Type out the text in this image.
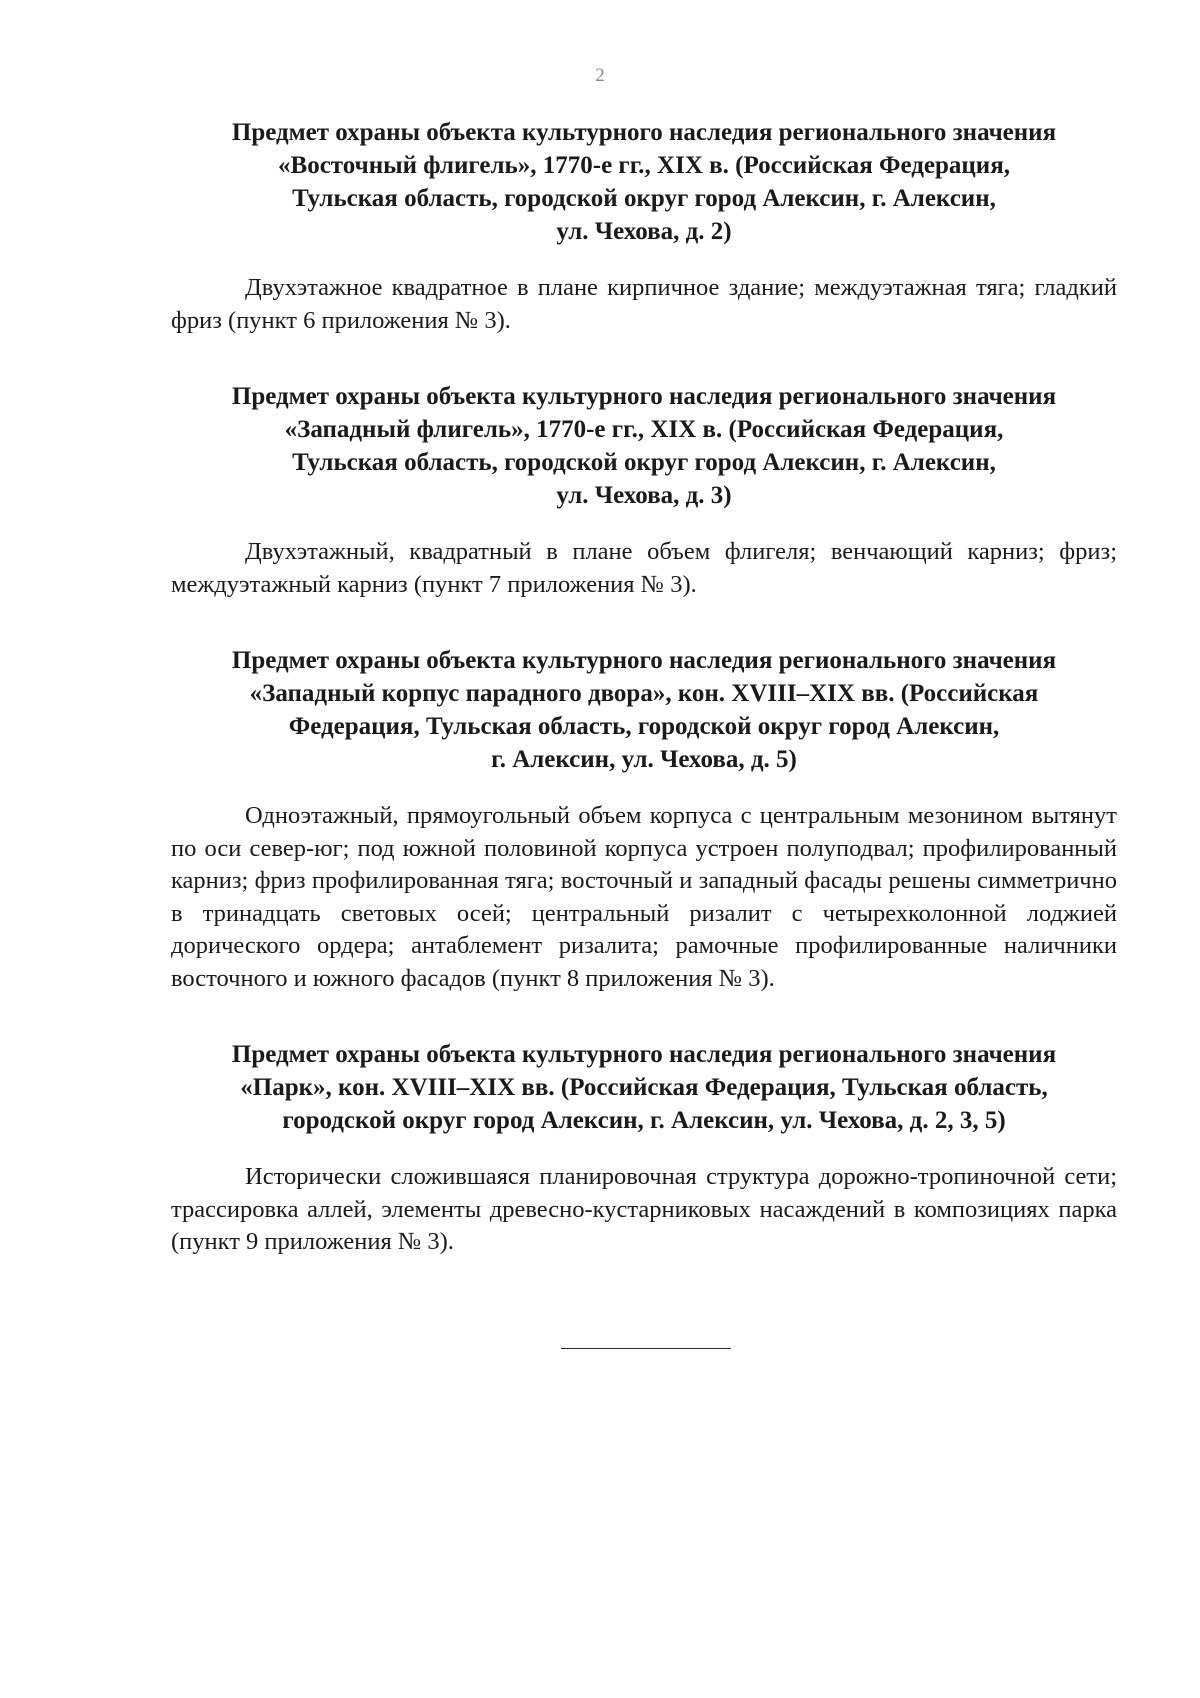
2
Предмет охраны объекта культурного наследия регионального значения
«Восточный флигель», 1770-е гг., XIX в. (Российская Федерация,
Тульская область, городской округ город Алексин, г. Алексин,
ул. Чехова, д. 2)

Двухэтажное квадратное в плане кирпичное здание; междуэтажная тяга; гладкий фриз (пункт 6 приложения № 3).

Предмет охраны объекта культурного наследия регионального значения
«Западный флигель», 1770-е гг., XIX в. (Российская Федерация,
Тульская область, городской округ город Алексин, г. Алексин,
ул. Чехова, д. 3)

Двухэтажный, квадратный в плане объем флигеля; венчающий карниз; фриз; междуэтажный карниз (пункт 7 приложения № 3).

Предмет охраны объекта культурного наследия регионального значения
«Западный корпус парадного двора», кон. XVIII–XIX вв. (Российская
Федерация, Тульская область, городской округ город Алексин,
г. Алексин, ул. Чехова, д. 5)

Одноэтажный, прямоугольный объем корпуса с центральным мезонином вытянут по оси север-юг; под южной половиной корпуса устроен полуподвал; профилированный карниз; фриз профилированная тяга; восточный и западный фасады решены симметрично в тринадцать световых осей; центральный ризалит с четырехколонной лоджией дорического ордера; антаблемент ризалита; рамочные профилированные наличники восточного и южного фасадов (пункт 8 приложения № 3).

Предмет охраны объекта культурного наследия регионального значения
«Парк», кон. XVIII–XIX вв. (Российская Федерация, Тульская область,
городской округ город Алексин, г. Алексин, ул. Чехова, д. 2, 3, 5)

Исторически сложившаяся планировочная структура дорожно-тропиночной сети; трассировка аллей, элементы древесно-кустарниковых насаждений в композициях парка (пункт 9 приложения № 3).
